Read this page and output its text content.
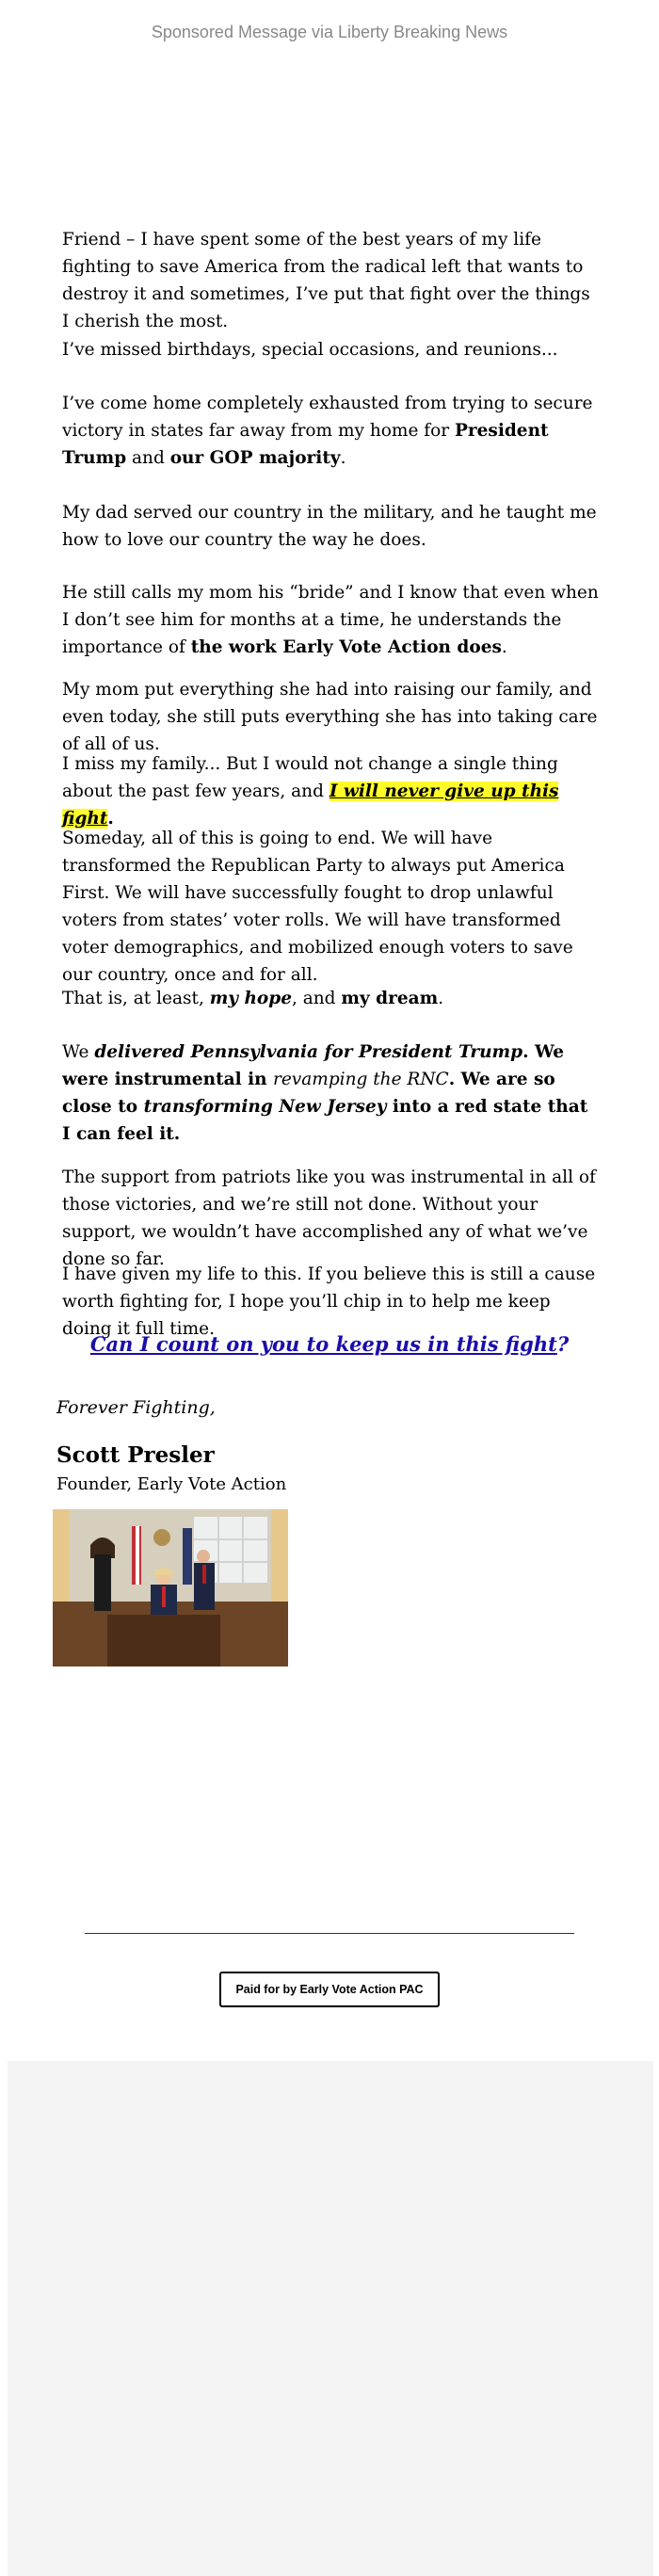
Sponsored Message via Liberty Breaking News

Friend – I have spent some of the best years of my life fighting to save America from the radical left that wants to destroy it and sometimes, I’ve put that fight over the things I cherish the most.

I’ve missed birthdays, special occasions, and reunions...

I’ve come home completely exhausted from trying to secure victory in states far away from my home for President Trump and our GOP majority.

My dad served our country in the military, and he taught me how to love our country the way he does.

He still calls my mom his “bride” and I know that even when I don’t see him for months at a time, he understands the importance of the work Early Vote Action does.

My mom put everything she had into raising our family, and even today, she still puts everything she has into taking care of all of us.

I miss my family... But I would not change a single thing about the past few years, and I will never give up this fight.

Someday, all of this is going to end. We will have transformed the Republican Party to always put America First. We will have successfully fought to drop unlawful voters from states’ voter rolls. We will have transformed voter demographics, and mobilized enough voters to save our country, once and for all.

That is, at least, my hope, and my dream.

We delivered Pennsylvania for President Trump. We were instrumental in revamping the RNC. We are so close to transforming New Jersey into a red state that I can feel it.

The support from patriots like you was instrumental in all of those victories, and we’re still not done. Without your support, we wouldn’t have accomplished any of what we’ve done so far.

I have given my life to this. If you believe this is still a cause worth fighting for, I hope you’ll chip in to help me keep doing it full time.

Can I count on you to keep us in this fight?
Forever Fighting,
Scott Presler
Founder, Early Vote Action
Paid for by Early Vote Action PAC
